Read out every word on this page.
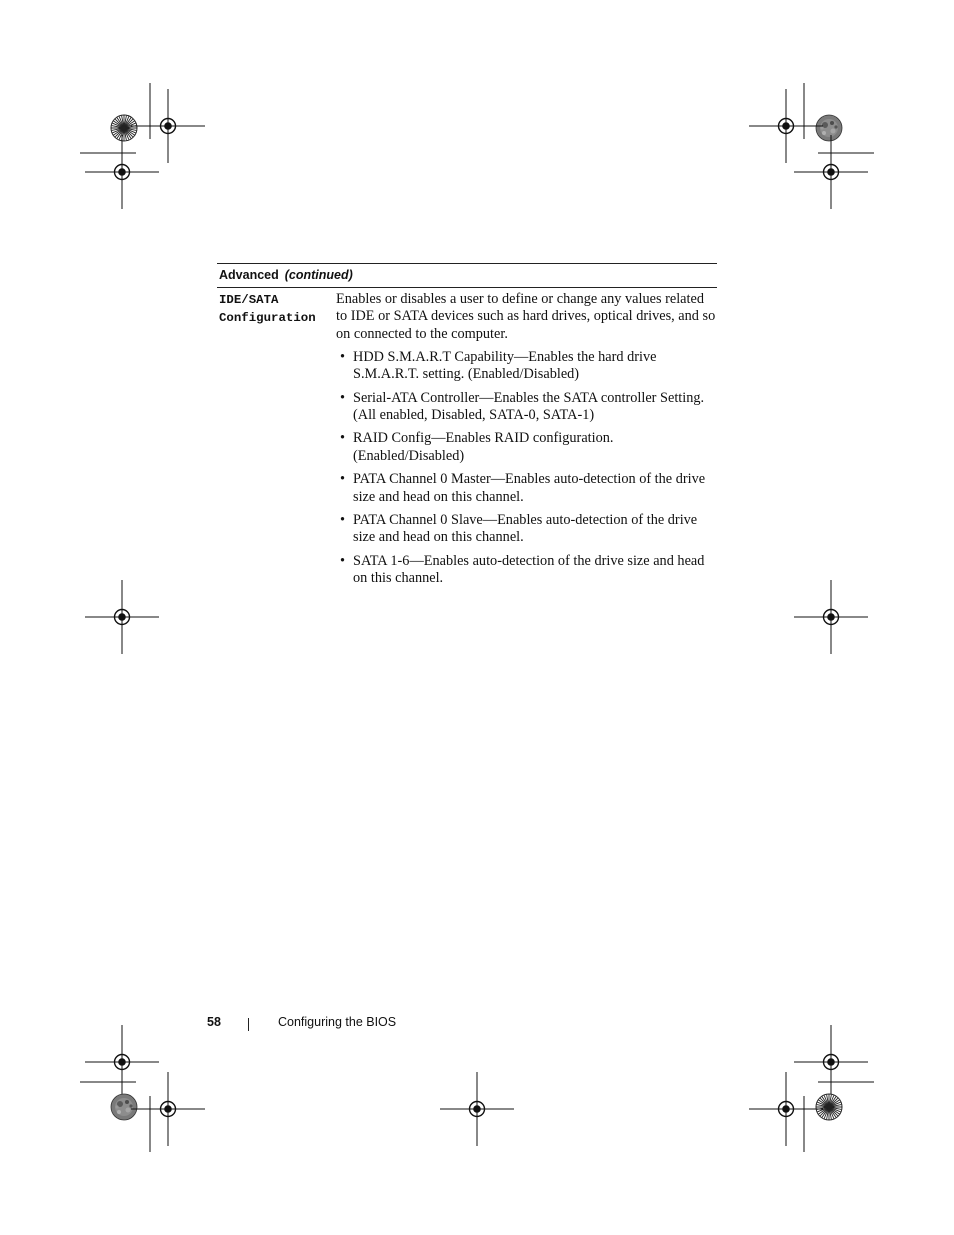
Advanced (continued)
IDE/SATA
Configuration

Enables or disables a user to define or change any values related to IDE or SATA devices such as hard drives, optical drives, and so on connected to the computer.

• HDD S.M.A.R.T Capability—Enables the hard drive S.M.A.R.T. setting. (Enabled/Disabled)
• Serial-ATA Controller—Enables the SATA controller Setting. (All enabled, Disabled, SATA-0, SATA-1)
• RAID Config—Enables RAID configuration. (Enabled/Disabled)
• PATA Channel 0 Master—Enables auto-detection of the drive size and head on this channel.
• PATA Channel 0 Slave—Enables auto-detection of the drive size and head on this channel.
• SATA 1-6—Enables auto-detection of the drive size and head on this channel.
58	Configuring the BIOS
